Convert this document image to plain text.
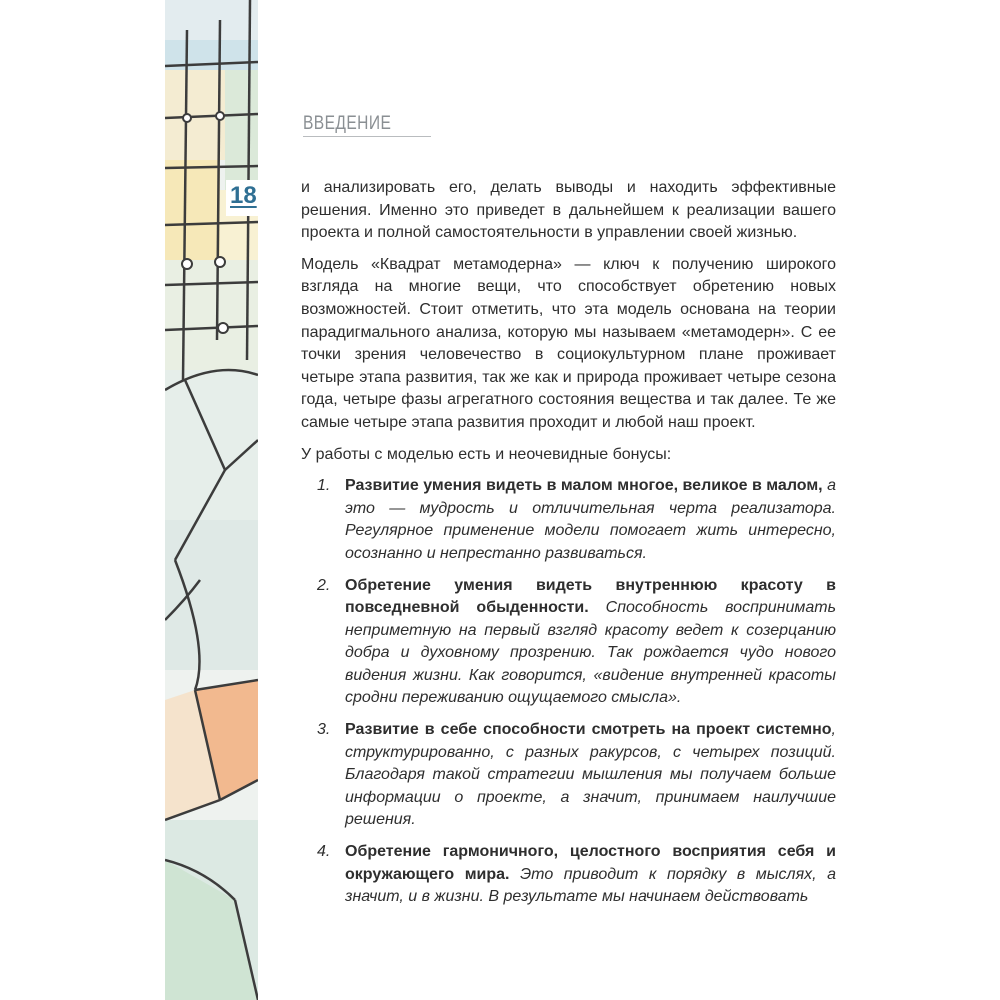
18
ВВЕДЕНИЕ

и анализировать его, делать выводы и находить эффективные решения. Именно это приведет в дальнейшем к реализации вашего проекта и полной самостоятельности в управлении своей жизнью.

Модель «Квадрат метамодерна» — ключ к получению широкого взгляда на многие вещи, что способствует обретению новых возможностей. Стоит отметить, что эта модель основана на теории парадигмального анализа, которую мы называем «метамодерн». С ее точки зрения человечество в социокультурном плане проживает четыре этапа развития, так же как и природа проживает четыре сезона года, четыре фазы агрегатного состояния вещества и так далее. Те же самые четыре этапа развития проходит и любой наш проект.

У работы с моделью есть и неочевидные бонусы:

1. Развитие умения видеть в малом многое, великое в малом, а это — мудрость и отличительная черта реализатора. Регулярное применение модели помогает жить интересно, осознанно и непрестанно развиваться.
2. Обретение умения видеть внутреннюю красоту в повседневной обыденности. Способность воспринимать неприметную на первый взгляд красоту ведет к созерцанию добра и духовному прозрению. Так рождается чудо нового видения жизни. Как говорится, «видение внутренней красоты сродни переживанию ощущаемого смысла».
3. Развитие в себе способности смотреть на проект системно, структурированно, с разных ракурсов, с четырех позиций. Благодаря такой стратегии мышления мы получаем больше информации о проекте, а значит, принимаем наилучшие решения.
4. Обретение гармоничного, целостного восприятия себя и окружающего мира. Это приводит к порядку в мыслях, а значит, и в жизни. В результате мы начинаем действовать
